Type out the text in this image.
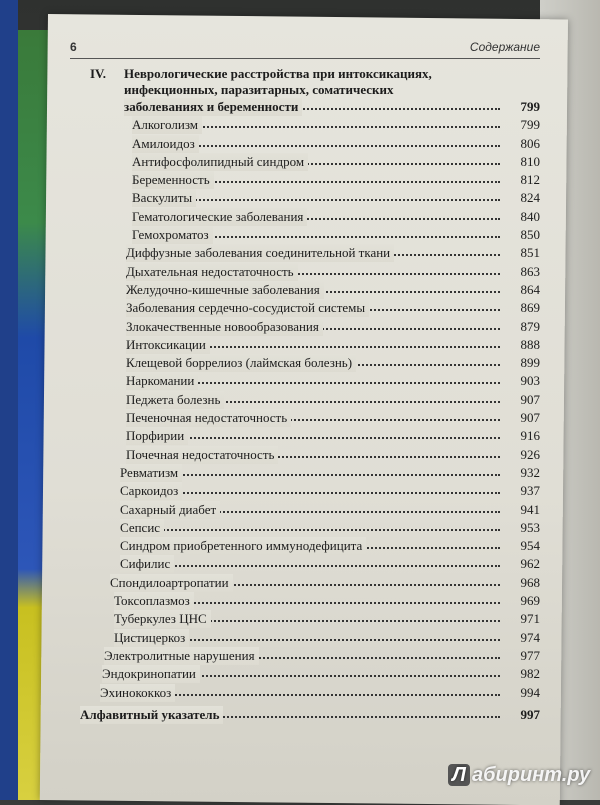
6	Содержание
IV. Неврологические расстройства при интоксикациях,
инфекционных, паразитарных, соматических
заболеваниях и беременности	799
Алкоголизм	799
Амилоидоз	806
Антифосфолипидный синдром	810
Беременность	812
Васкулиты	824
Гематологические заболевания	840
Гемохроматоз	850
Диффузные заболевания соединительной ткани	851
Дыхательная недостаточность	863
Желудочно-кишечные заболевания	864
Заболевания сердечно-сосудистой системы	869
Злокачественные новообразования	879
Интоксикации	888
Клещевой боррелиоз (лаймская болезнь)	899
Наркомании	903
Педжета болезнь	907
Печеночная недостаточность	907
Порфирии	916
Почечная недостаточность	926
Ревматизм	932
Саркоидоз	937
Сахарный диабет	941
Сепсис	953
Синдром приобретенного иммунодефицита	954
Сифилис	962
Спондилоартропатии	968
Токсоплазмоз	969
Туберкулез ЦНС	971
Цистицеркоз	974
Электролитные нарушения	977
Эндокринопатии	982
Эхинококкоз	994
Алфавитный указатель	997
Л абиринт.ру
